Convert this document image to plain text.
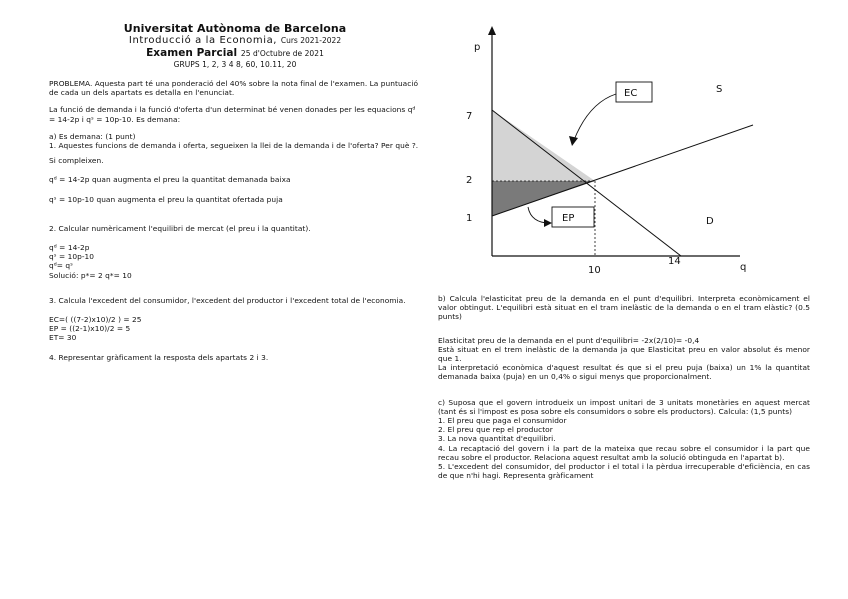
Universitat Autònoma de Barcelona
Introducció a la Economia, Curs 2021-2022
Examen Parcial 25 d'Octubre de 2021
GRUPS 1, 2, 3 4 8, 60, 10.11, 20

PROBLEMA. Aquesta part té una ponderació del 40% sobre la nota final de l'examen. La puntuació de cada un dels apartats es detalla en l'enunciat.

La funció de demanda i la funció d'oferta d'un determinat bé venen donades per les equacions qᵈ = 14-2p i qˢ = 10p-10. Es demana:

a) Es demana: (1 punt)
1. Aquestes funcions de demanda i oferta, segueixen la llei de la demanda i de l'oferta? Per què ?.
Si compleixen.
qᵈ = 14-2p quan augmenta el preu la quantitat demanada baixa
qˢ = 10p-10 quan augmenta el preu la quantitat ofertada puja
2. Calcular numèricament l'equilibri de mercat (el preu i la quantitat).
qᵈ = 14-2p
qˢ = 10p-10
qᵈ= qˢ
Solució: p*= 2 q*= 10
3. Calcula l'excedent del consumidor, l'excedent del productor i l'excedent total de l'economia.
EC=( ((7-2)x10)/2 ) = 25
EP = ((2-1)x10)/2 = 5
ET= 30
4. Representar gràficament la resposta dels apartats 2 i 3.
p
7
2
1
10
14
q
S
D
EC
EP

b) Calcula l'elasticitat preu de la demanda en el punt d'equilibri. Interpreta econòmicament el valor obtingut. L'equilibri està situat en el tram inelàstic de la demanda o en el tram elàstic? (0.5 punts)

Elasticitat preu de la demanda en el punt d'equilibri= -2x(2/10)= -0,4
Està situat en el trem inelàstic de la demanda ja que Elasticitat preu en valor absolut és menor que 1.
La interpretació econòmica d'aquest resultat és que si el preu puja (baixa) un 1% la quantitat demanada baixa (puja) en un 0,4% o sigui menys que proporcionalment.
c) Suposa que el govern introdueix un impost unitari de 3 unitats monetàries en aquest mercat (tant és si l'impost es posa sobre els consumidors o sobre els productors). Calcula: (1,5 punts)
1. El preu que paga el consumidor
2. El preu que rep el productor
3. La nova quantitat d'equilibri.
4. La recaptació del govern i la part de la mateixa que recau sobre el consumidor i la part que recau sobre el productor. Relaciona aquest resultat amb la solució obtinguda en l'apartat b).
5. L'excedent del consumidor, del productor i el total i la pèrdua irrecuperable d'eficiència, en cas de que n'hi hagi. Representa gràficament
